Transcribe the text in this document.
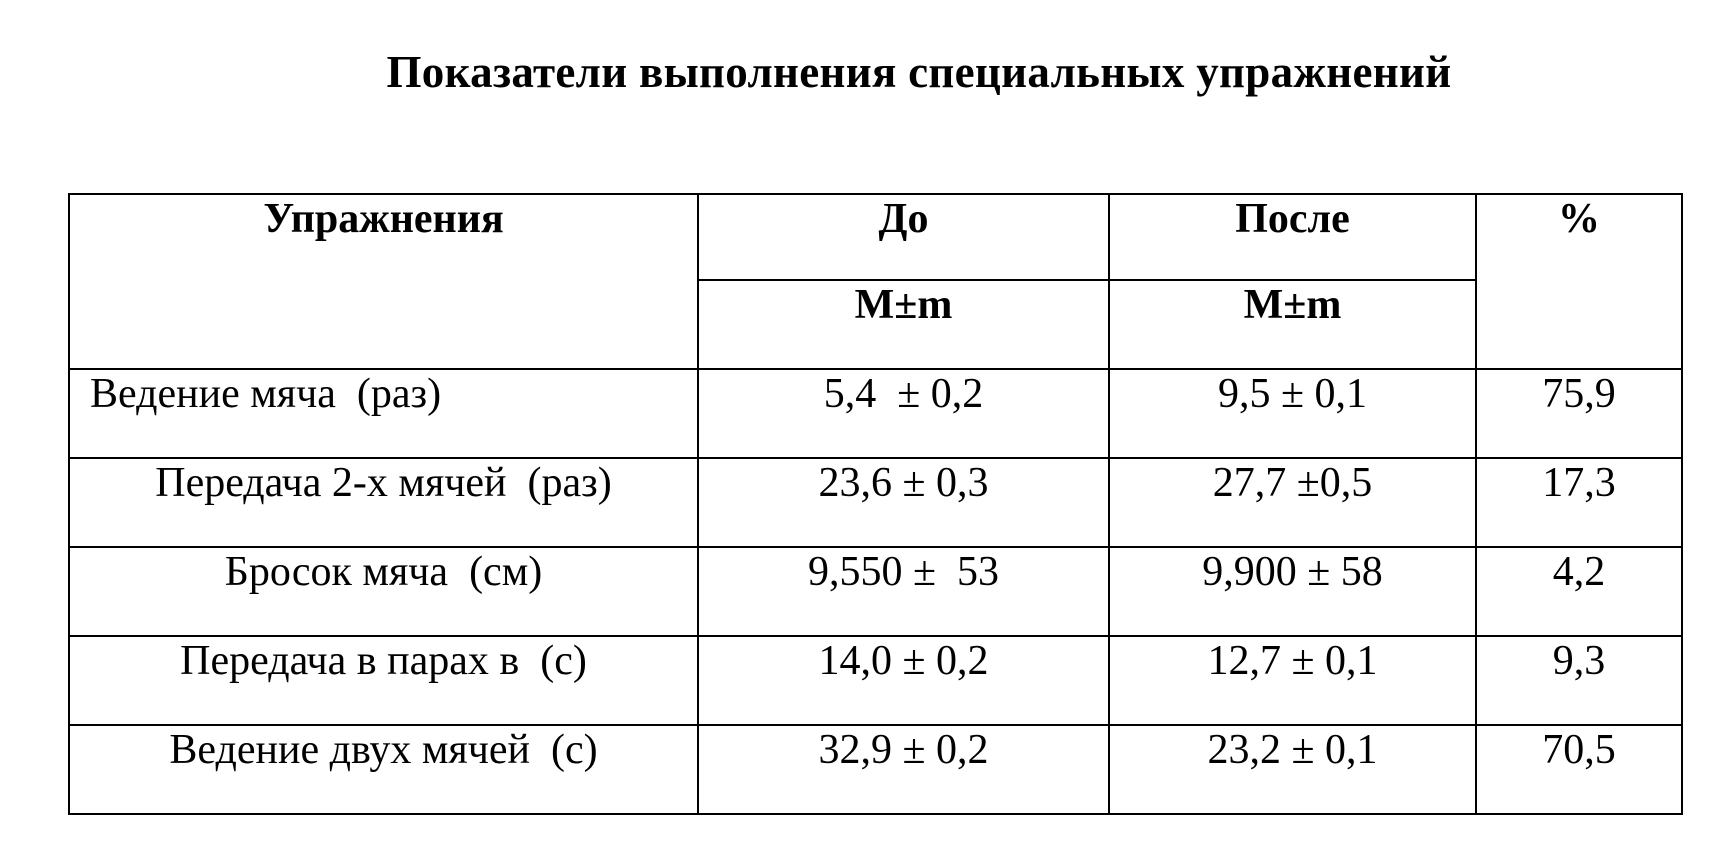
Показатели выполнения специальных упражнений
Упражнения	До	После	%
	M±m	M±m	
Ведение мяча  (раз)	5,4  ± 0,2	9,5 ± 0,1	75,9
Передача 2-х мячей  (раз)	23,6 ± 0,3	27,7 ±0,5	17,3
Бросок мяча  (см)	9,550 ±  53	9,900 ± 58	4,2
Передача в парах в  (с)	14,0 ± 0,2	12,7 ± 0,1	9,3
Ведение двух мячей  (с)	32,9 ± 0,2	23,2 ± 0,1	70,5
